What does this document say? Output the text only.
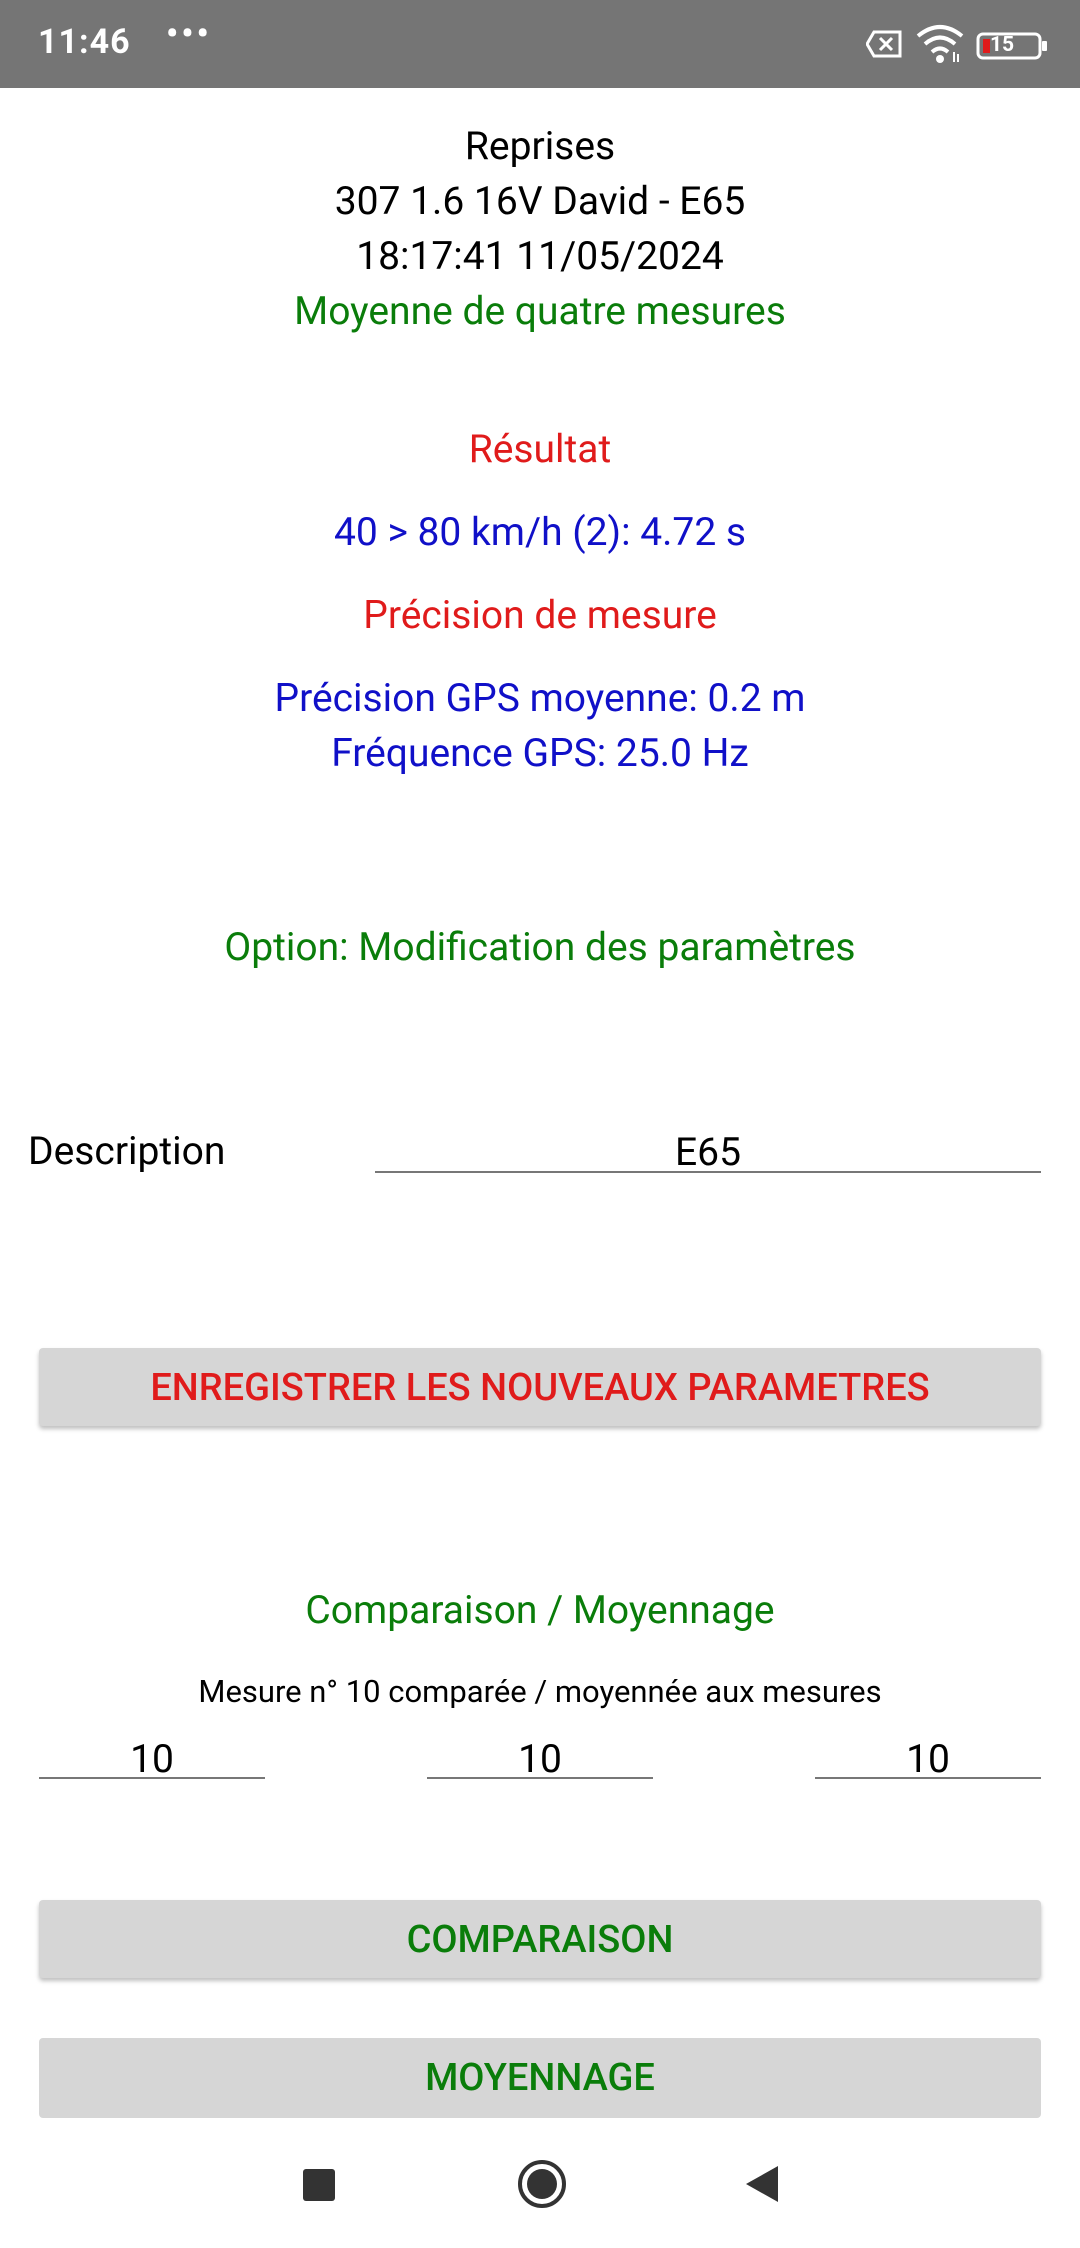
11:46 •••	15
Reprises
307 1.6 16V David - E65
18:17:41 11/05/2024
Moyenne de quatre mesures
Résultat
40 > 80 km/h (2): 4.72 s
Précision de mesure
Précision GPS moyenne: 0.2 m
Fréquence GPS: 25.0 Hz
Option: Modification des paramètres
Description	E65
ENREGISTRER LES NOUVEAUX PARAMETRES
Comparaison / Moyennage
Mesure n° 10 comparée / moyennée aux mesures
10	10	10
COMPARAISON
MOYENNAGE
